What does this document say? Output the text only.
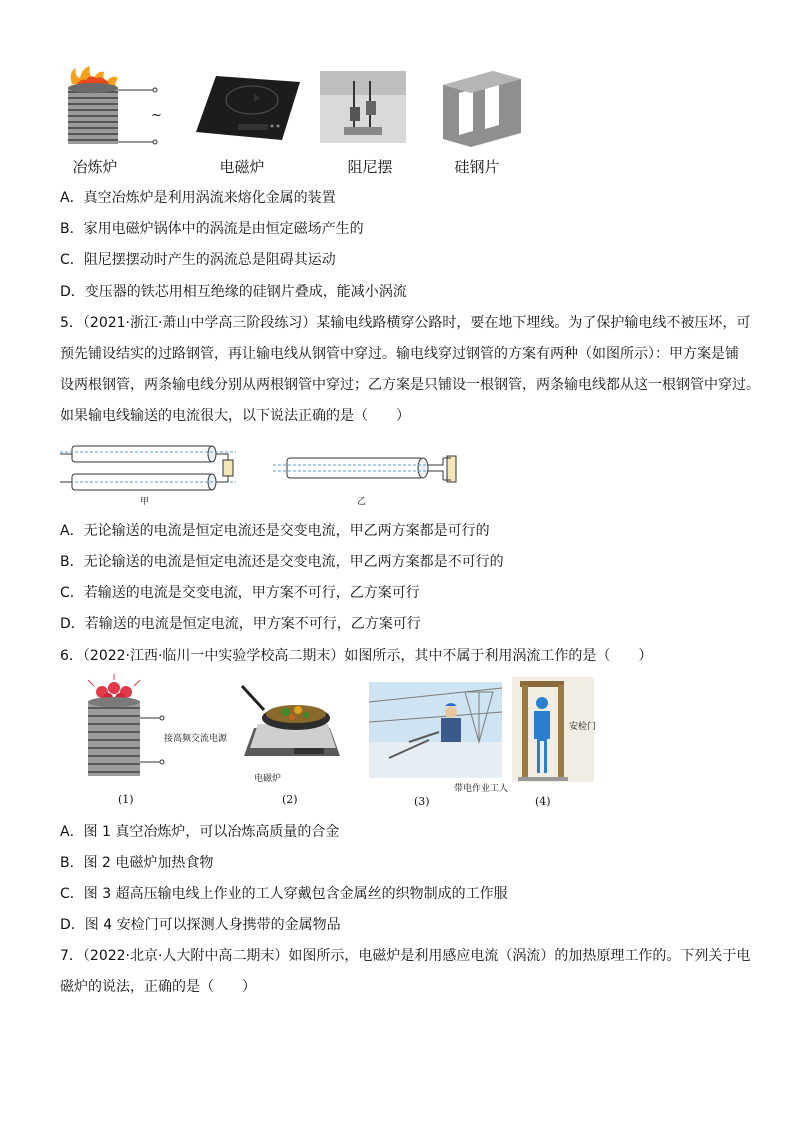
~
冶炼炉	电磁炉	阻尼摆	硅钢片
A．真空冶炼炉是利用涡流来熔化金属的装置
B．家用电磁炉锅体中的涡流是由恒定磁场产生的
C．阻尼摆摆动时产生的涡流总是阻碍其运动
D．变压器的铁芯用相互绝缘的硅钢片叠成，能减小涡流
5．（2021·浙江·萧山中学高三阶段练习）某输电线路横穿公路时，要在地下埋线。为了保护输电线不被压坏，可
预先铺设结实的过路钢管，再让输电线从钢管中穿过。输电线穿过钢管的方案有两种（如图所示）：甲方案是铺
设两根钢管，两条输电线分别从两根钢管中穿过；乙方案是只铺设一根钢管，两条输电线都从这一根钢管中穿过。
如果输电线输送的电流很大，以下说法正确的是（　　）
甲	乙
A．无论输送的电流是恒定电流还是交变电流，甲乙两方案都是可行的
B．无论输送的电流是恒定电流还是交变电流，甲乙两方案都是不可行的
C．若输送的电流是交变电流，甲方案不可行，乙方案可行
D．若输送的电流是恒定电流，甲方案不可行，乙方案可行
6．（2022·江西·临川一中实验学校高二期末）如图所示，其中不属于利用涡流工作的是（　　）
接高频交流电源
电磁炉
带电作业工人
安检门
(1)	(2)	(3)	(4)
A．图 1 真空冶炼炉，可以冶炼高质量的合金
B．图 2 电磁炉加热食物
C．图 3 超高压输电线上作业的工人穿戴包含金属丝的织物制成的工作服
D．图 4 安检门可以探测人身携带的金属物品
7．（2022·北京·人大附中高二期末）如图所示，电磁炉是利用感应电流（涡流）的加热原理工作的。下列关于电
磁炉的说法，正确的是（　　）
